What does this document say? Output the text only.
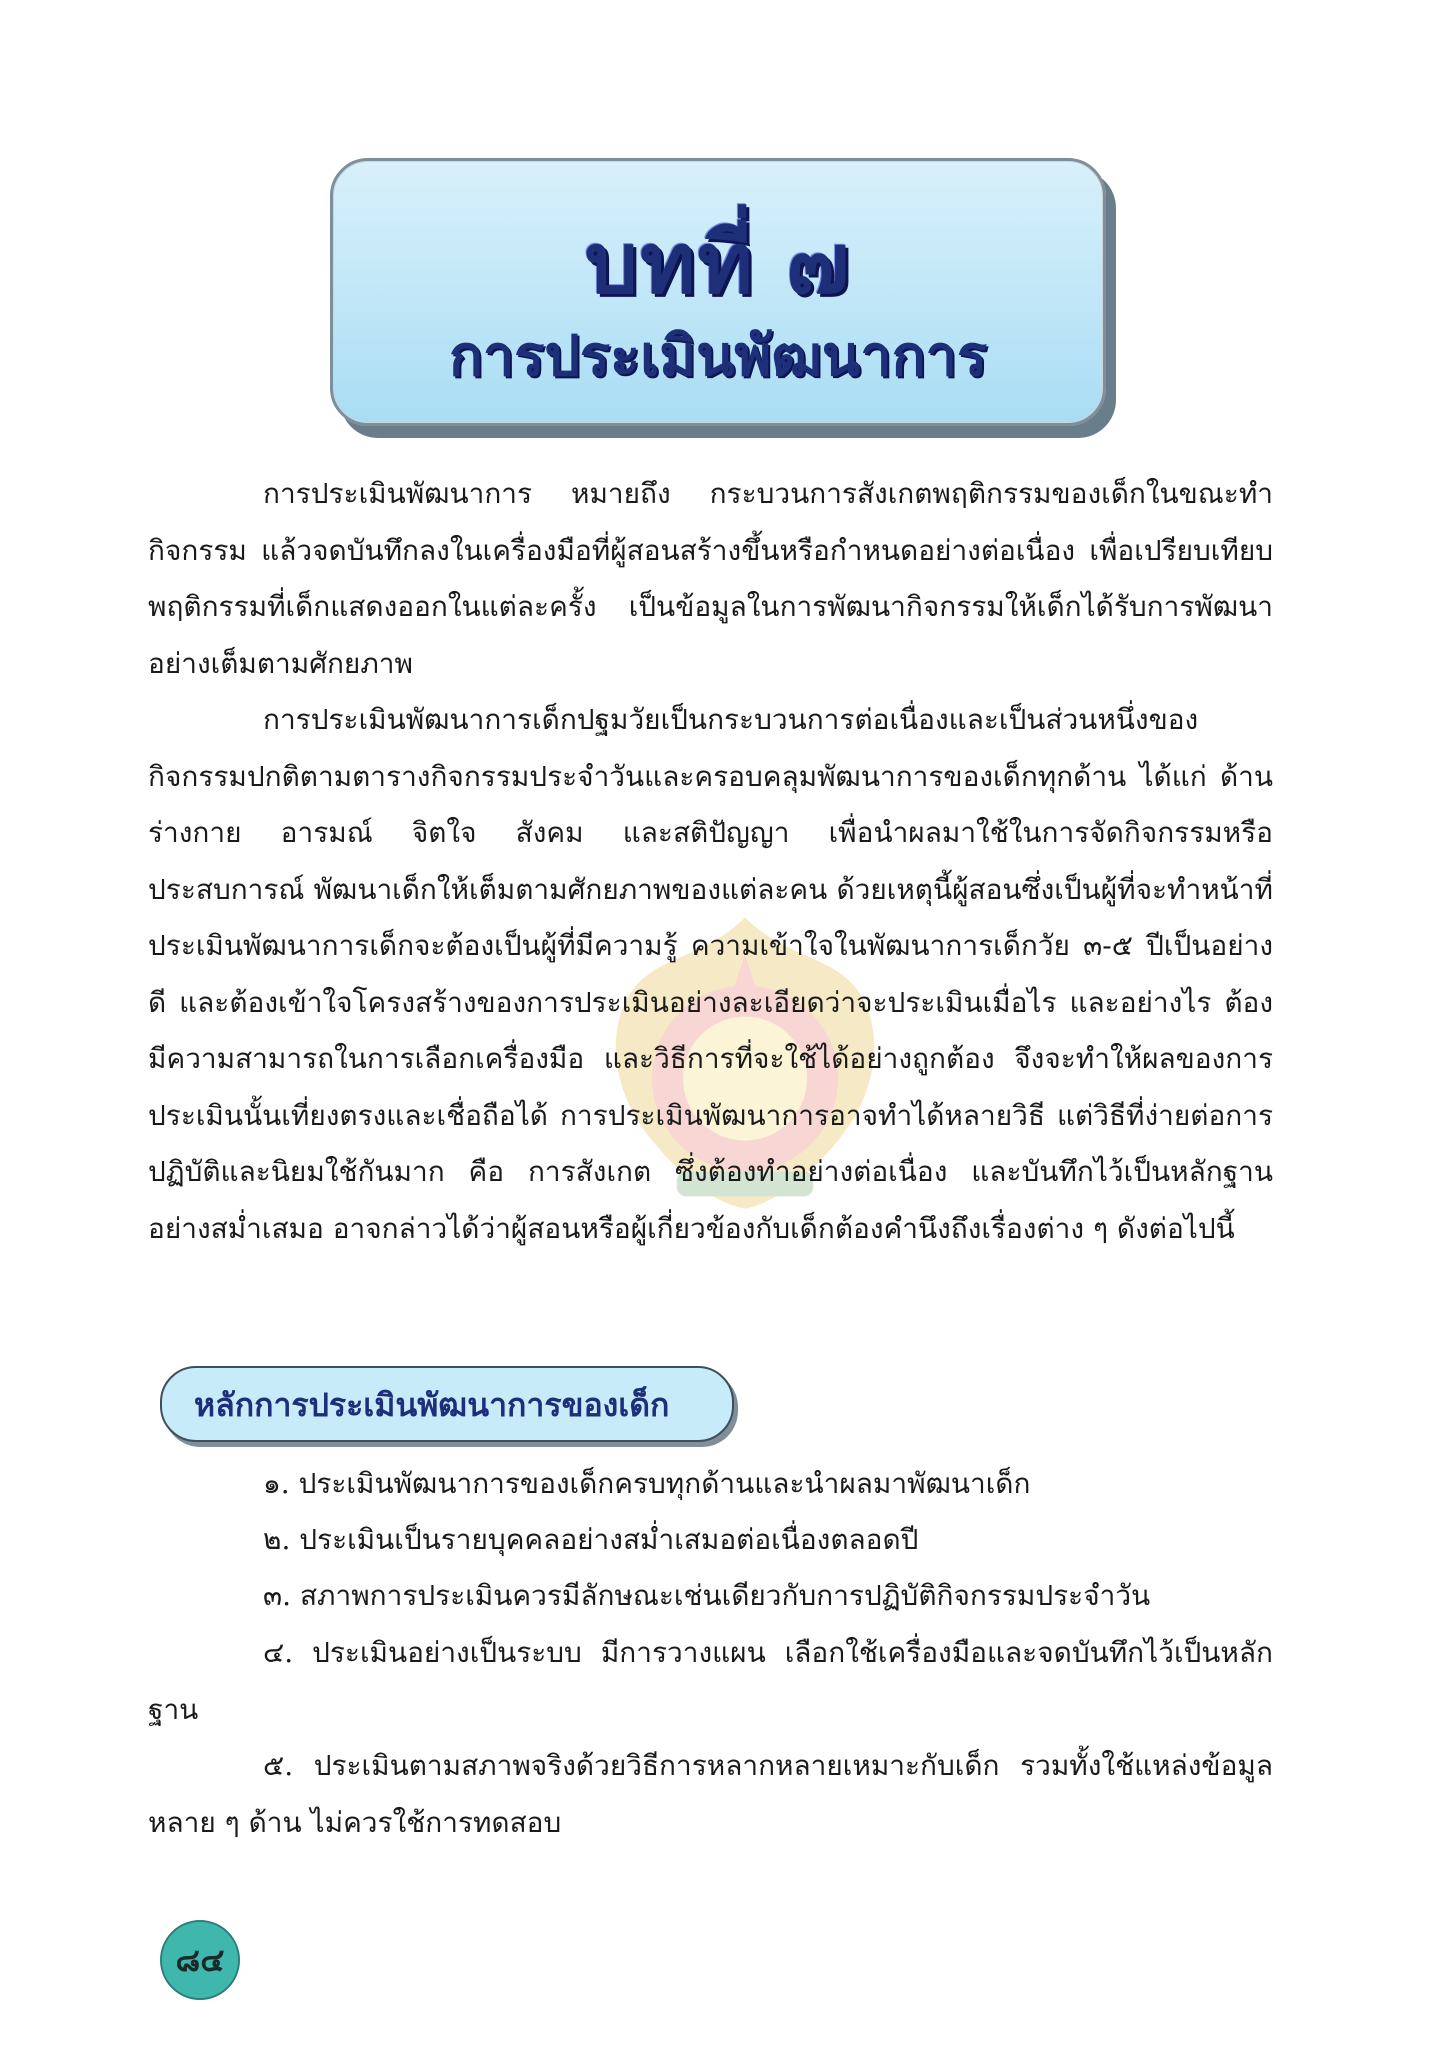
บทที่ ๗
การประเมินพัฒนาการ

การประเมินพัฒนาการ หมายถึง กระบวนการสังเกตพฤติกรรมของเด็กในขณะทำกิจกรรม แล้วจดบันทึกลงในเครื่องมือที่ผู้สอนสร้างขึ้นหรือกำหนดอย่างต่อเนื่อง เพื่อเปรียบเทียบพฤติกรรมที่เด็กแสดงออกในแต่ละครั้ง เป็นข้อมูลในการพัฒนากิจกรรมให้เด็กได้รับการพัฒนาอย่างเต็มตามศักยภาพ

การประเมินพัฒนาการเด็กปฐมวัยเป็นกระบวนการต่อเนื่องและเป็นส่วนหนึ่งของกิจกรรมปกติตามตารางกิจกรรมประจำวันและครอบคลุมพัฒนาการของเด็กทุกด้าน ได้แก่ ด้านร่างกาย อารมณ์ จิตใจ สังคม และสติปัญญา เพื่อนำผลมาใช้ในการจัดกิจกรรมหรือประสบการณ์ พัฒนาเด็กให้เต็มตามศักยภาพของแต่ละคน ด้วยเหตุนี้ผู้สอนซึ่งเป็นผู้ที่จะทำหน้าที่ประเมินพัฒนาการเด็กจะต้องเป็นผู้ที่มีความรู้ ความเข้าใจในพัฒนาการเด็กวัย ๓-๕ ปีเป็นอย่างดี และต้องเข้าใจโครงสร้างของการประเมินอย่างละเอียดว่าจะประเมินเมื่อไร และอย่างไร ต้องมีความสามารถในการเลือกเครื่องมือ และวิธีการที่จะใช้ได้อย่างถูกต้อง จึงจะทำให้ผลของการประเมินนั้นเที่ยงตรงและเชื่อถือได้ การประเมินพัฒนาการอาจทำได้หลายวิธี แต่วิธีที่ง่ายต่อการปฏิบัติและนิยมใช้กันมาก คือ การสังเกต ซึ่งต้องทำอย่างต่อเนื่อง และบันทึกไว้เป็นหลักฐานอย่างสม่ำเสมอ อาจกล่าวได้ว่าผู้สอนหรือผู้เกี่ยวข้องกับเด็กต้องคำนึงถึงเรื่องต่าง ๆ ดังต่อไปนี้

หลักการประเมินพัฒนาการของเด็ก

๑. ประเมินพัฒนาการของเด็กครบทุกด้านและนำผลมาพัฒนาเด็ก

๒. ประเมินเป็นรายบุคคลอย่างสม่ำเสมอต่อเนื่องตลอดปี

๓. สภาพการประเมินควรมีลักษณะเช่นเดียวกับการปฏิบัติกิจกรรมประจำวัน

๔. ประเมินอย่างเป็นระบบ มีการวางแผน เลือกใช้เครื่องมือและจดบันทึกไว้เป็นหลักฐาน

๕. ประเมินตามสภาพจริงด้วยวิธีการหลากหลายเหมาะกับเด็ก รวมทั้งใช้แหล่งข้อมูลหลาย ๆ ด้าน ไม่ควรใช้การทดสอบ

๘๔
